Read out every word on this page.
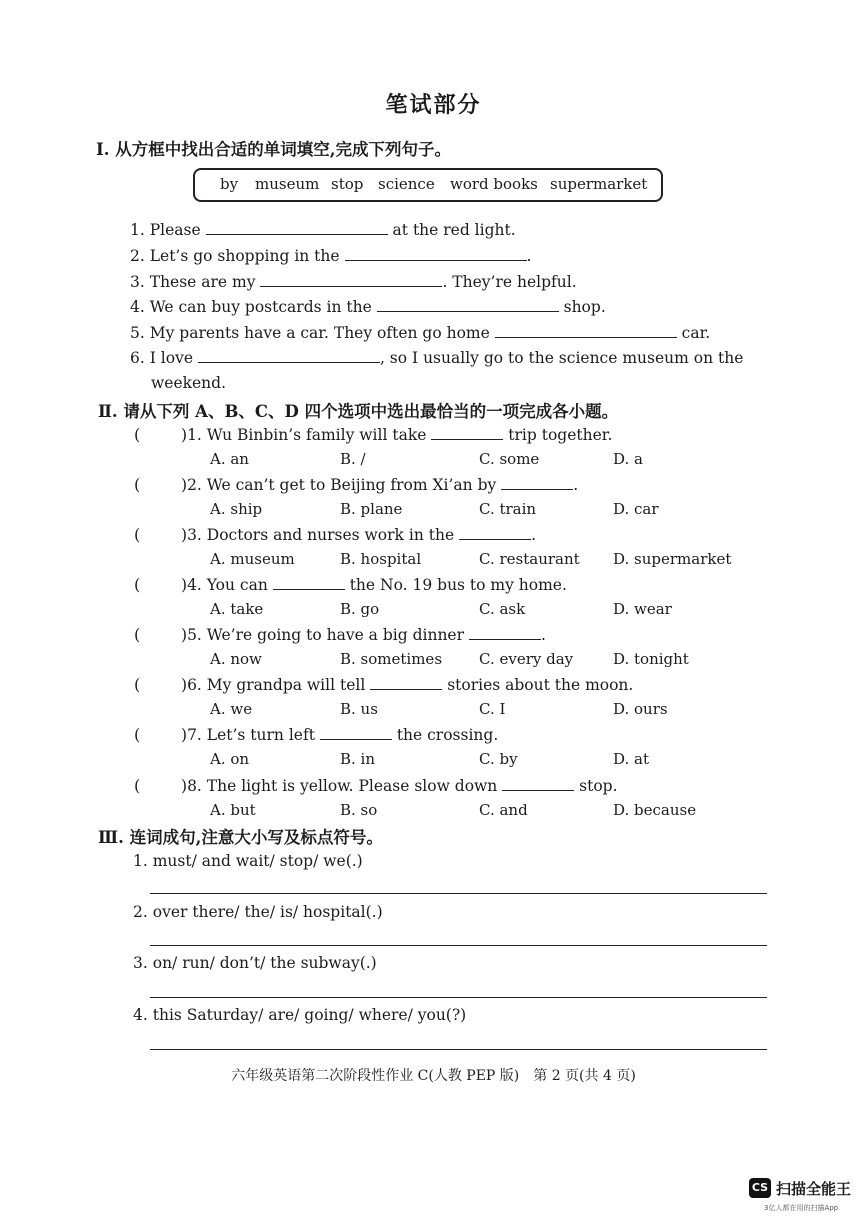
笔试部分
Ⅰ. 从方框中找出合适的单词填空,完成下列句子。
by museum stop science word books supermarket
1. Please	at the red light.
2. Let’s go shopping in the	.
3. These are my	. They’re helpful.
4. We can buy postcards in the	shop.
5. My parents have a car. They often go home	car.
6. I love	, so I usually go to the science museum on the
weekend.
Ⅱ. 请从下列 A、B、C、D 四个选项中选出最恰当的一项完成各小题。
(	)1. Wu Binbin’s family will take	trip together.
A. an	B. /	C. some	D. a
(	)2. We can’t get to Beijing from Xi’an by	.
A. ship	B. plane	C. train	D. car
(	)3. Doctors and nurses work in the	.
A. museum	B. hospital	C. restaurant D. supermarket
(	)4. You can	the No. 19 bus to my home.
A. take	B. go	C. ask	D. wear
(	)5. We’re going to have a big dinner	.
A. now	B. sometimes C. every day	D. tonight
(	)6. My grandpa will tell	stories about the moon.
A. we	B. us	C. I	D. ours
(	)7. Let’s turn left	the crossing.
A. on	B. in	C. by	D. at
(	)8. The light is yellow. Please slow down	stop.
A. but	B. so	C. and	D. because
Ⅲ. 连词成句,注意大小写及标点符号。
1. must/ and wait/ stop/ we(.)
2. over there/ the/ is/ hospital(.)
3. on/ run/ don’t/ the subway(.)
4. this Saturday/ are/ going/ where/ you(?)
六年级英语第二次阶段性作业 C(人教 PEP 版)　第 2 页(共 4 页)
CS 扫描全能王
3亿人都在用的扫描App
